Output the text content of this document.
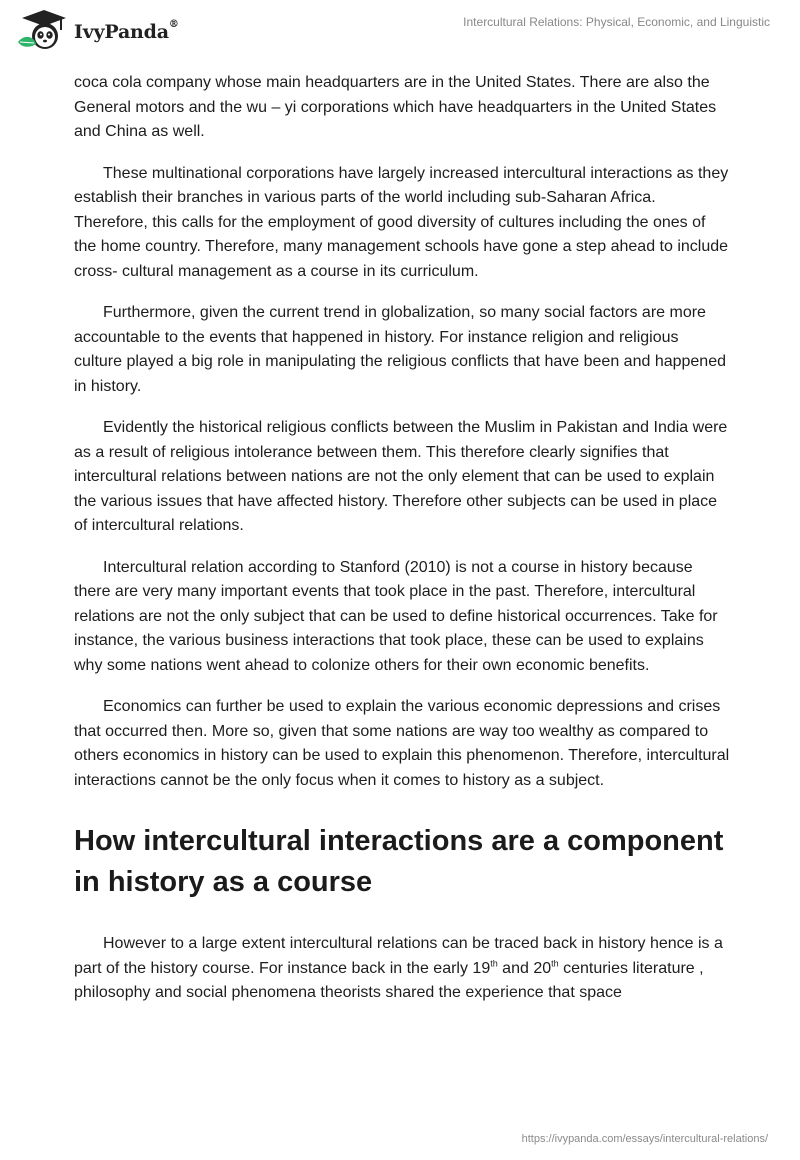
IvyPanda®	Intercultural Relations: Physical, Economic, and Linguistic

coca cola company whose main headquarters are in the United States. There are also the General motors and the wu – yi corporations which have headquarters in the United States and China as well.

These multinational corporations have largely increased intercultural interactions as they establish their branches in various parts of the world including sub-Saharan Africa. Therefore, this calls for the employment of good diversity of cultures including the ones of the home country. Therefore, many management schools have gone a step ahead to include cross- cultural management as a course in its curriculum.

Furthermore, given the current trend in globalization, so many social factors are more accountable to the events that happened in history. For instance religion and religious culture played a big role in manipulating the religious conflicts that have been and happened in history.

Evidently the historical religious conflicts between the Muslim in Pakistan and India were as a result of religious intolerance between them. This therefore clearly signifies that intercultural relations between nations are not the only element that can be used to explain the various issues that have affected history. Therefore other subjects can be used in place of intercultural relations.

Intercultural relation according to Stanford (2010) is not a course in history because there are very many important events that took place in the past. Therefore, intercultural relations are not the only subject that can be used to define historical occurrences. Take for instance, the various business interactions that took place, these can be used to explains why some nations went ahead to colonize others for their own economic benefits.

Economics can further be used to explain the various economic depressions and crises that occurred then. More so, given that some nations are way too wealthy as compared to others economics in history can be used to explain this phenomenon. Therefore, intercultural interactions cannot be the only focus when it comes to history as a subject.

How intercultural interactions are a component in history as a course

However to a large extent intercultural relations can be traced back in history hence is a part of the history course. For instance back in the early 19th and 20th centuries literature , philosophy and social phenomena theorists shared the experience that space

https://ivypanda.com/essays/intercultural-relations/
